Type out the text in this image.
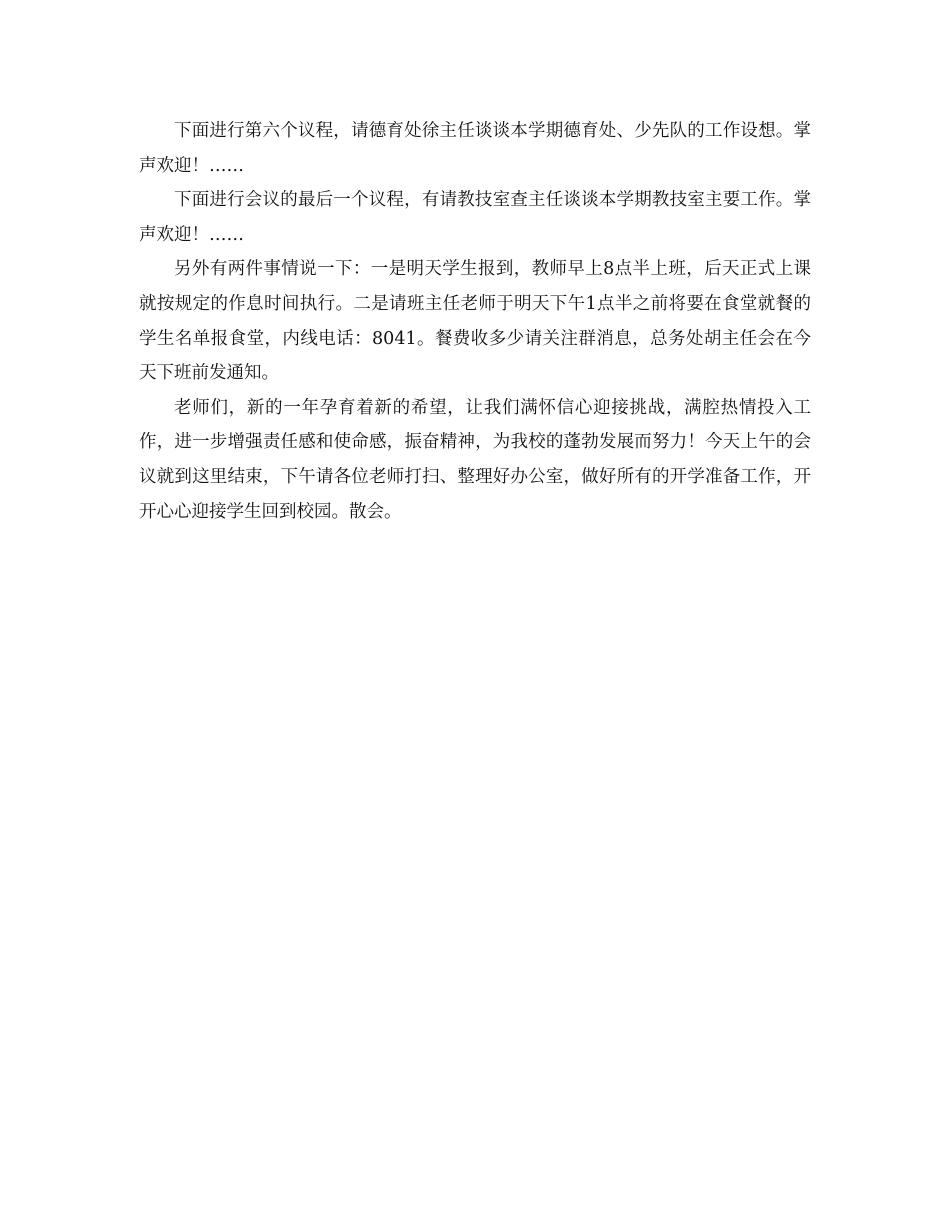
下面进行第六个议程，请德育处徐主任谈谈本学期德育处、少先队的工作设想。掌声欢迎！……

下面进行会议的最后一个议程，有请教技室查主任谈谈本学期教技室主要工作。掌声欢迎！……

另外有两件事情说一下：一是明天学生报到，教师早上8点半上班，后天正式上课就按规定的作息时间执行。二是请班主任老师于明天下午1点半之前将要在食堂就餐的学生名单报食堂，内线电话：8041。餐费收多少请关注群消息，总务处胡主任会在今天下班前发通知。

老师们，新的一年孕育着新的希望，让我们满怀信心迎接挑战，满腔热情投入工作，进一步增强责任感和使命感，振奋精神，为我校的蓬勃发展而努力！今天上午的会议就到这里结束，下午请各位老师打扫、整理好办公室，做好所有的开学准备工作，开开心心迎接学生回到校园。散会。
